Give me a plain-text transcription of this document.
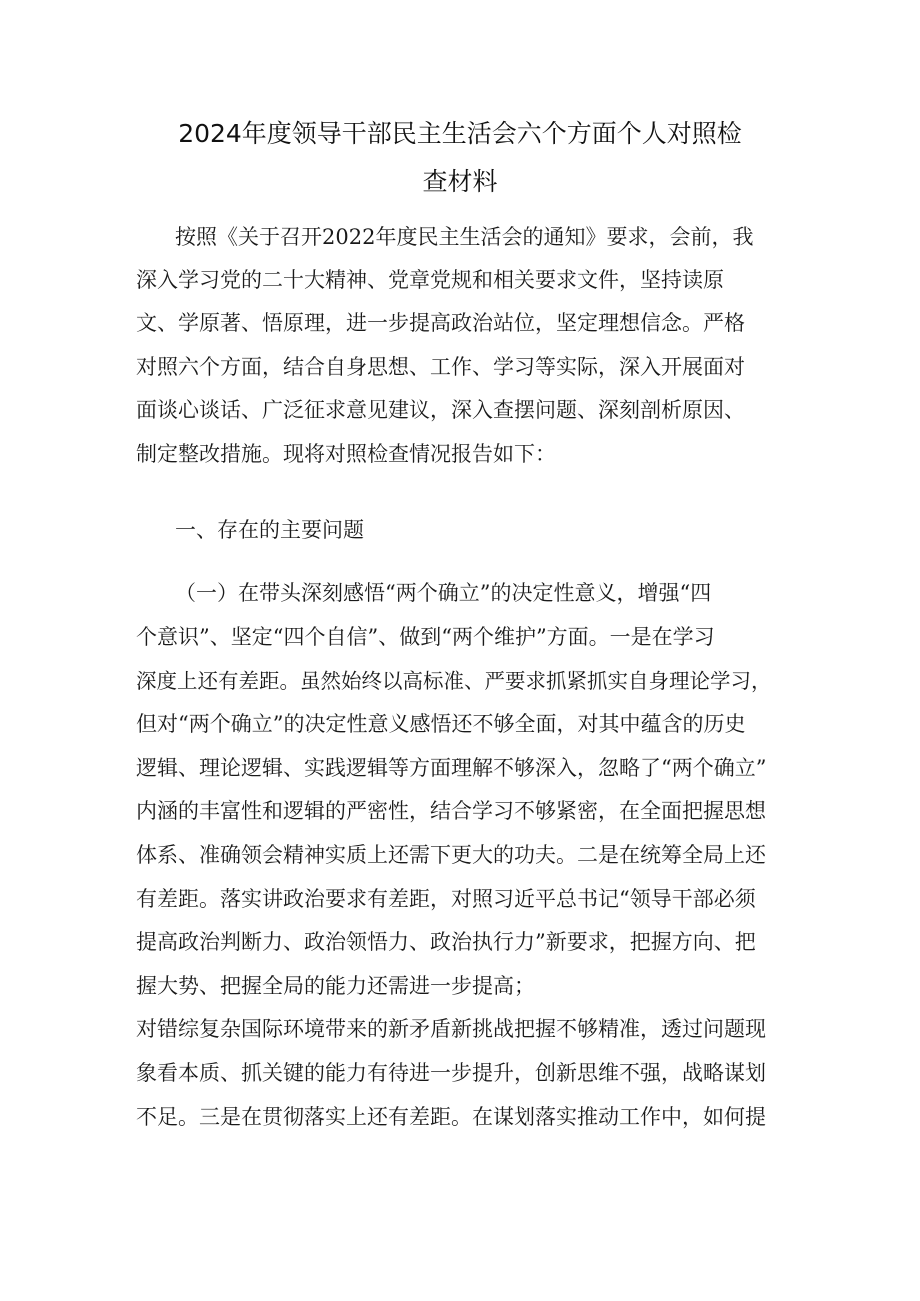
2024年度领导干部民主生活会六个方面个人对照检
查材料
按照《关于召开2022年度民主生活会的通知》要求，会前，我
深入学习党的二十大精神、党章党规和相关要求文件，坚持读原
文、学原著、悟原理，进一步提高政治站位，坚定理想信念。严格
对照六个方面，结合自身思想、工作、学习等实际，深入开展面对
面谈心谈话、广泛征求意见建议，深入查摆问题、深刻剖析原因、
制定整改措施。现将对照检查情况报告如下：
一、存在的主要问题
（一）在带头深刻感悟“两个确立”的决定性意义，增强“四
个意识”、坚定“四个自信”、做到“两个维护”方面。一是在学习
深度上还有差距。虽然始终以高标准、严要求抓紧抓实自身理论学习，
但对“两个确立”的决定性意义感悟还不够全面，对其中蕴含的历史
逻辑、理论逻辑、实践逻辑等方面理解不够深入，忽略了“两个确立”
内涵的丰富性和逻辑的严密性，结合学习不够紧密，在全面把握思想
体系、准确领会精神实质上还需下更大的功夫。二是在统筹全局上还
有差距。落实讲政治要求有差距，对照习近平总书记“领导干部必须
提高政治判断力、政治领悟力、政治执行力”新要求，把握方向、把
握大势、把握全局的能力还需进一步提高；
对错综复杂国际环境带来的新矛盾新挑战把握不够精准，透过问题现
象看本质、抓关键的能力有待进一步提升，创新思维不强，战略谋划
不足。三是在贯彻落实上还有差距。在谋划落实推动工作中，如何提
